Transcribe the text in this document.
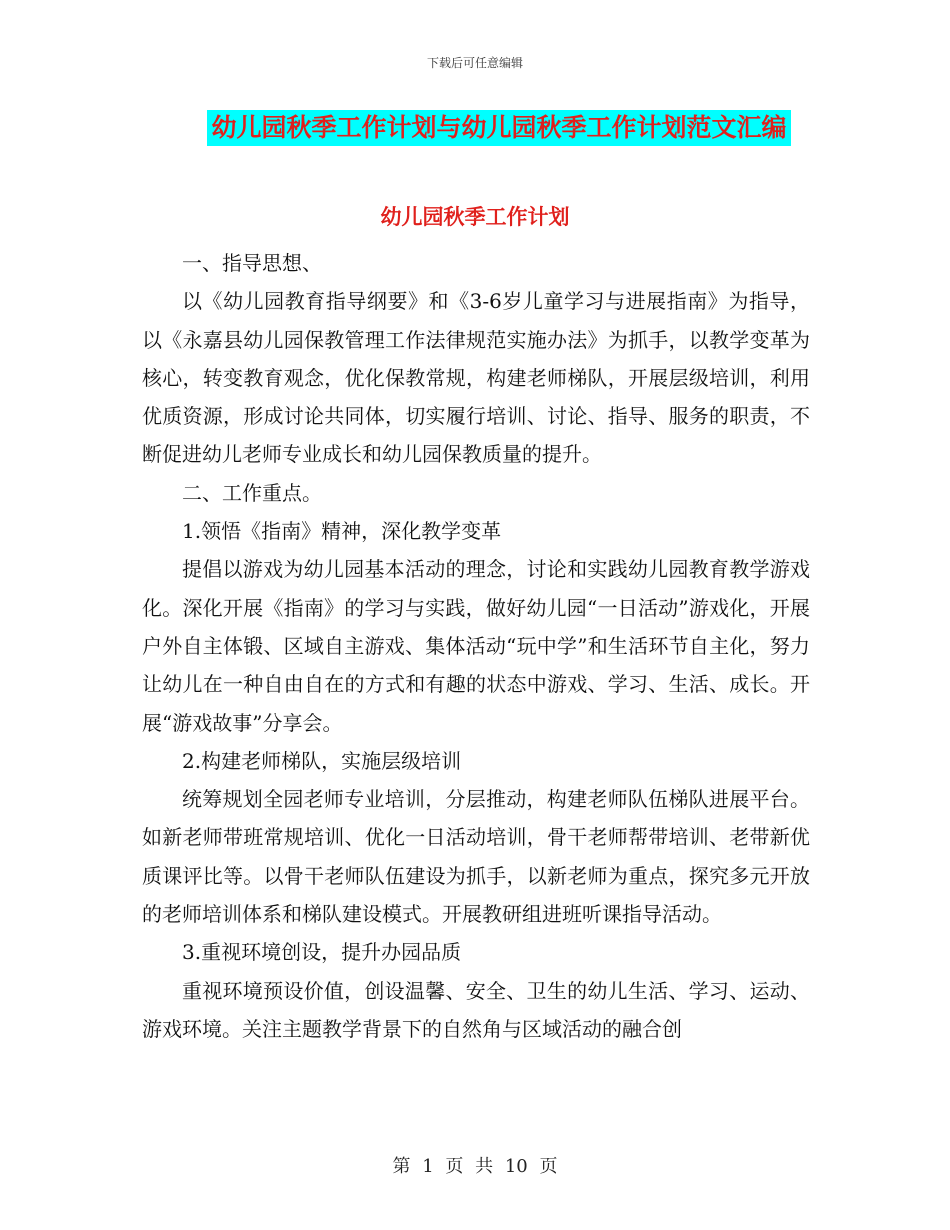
下载后可任意编辑
幼儿园秋季工作计划与幼儿园秋季工作计划范文汇编
幼儿园秋季工作计划

一、指导思想、

以《幼儿园教育指导纲要》和《3-6岁儿童学习与进展指南》为指导，以《永嘉县幼儿园保教管理工作法律规范实施办法》为抓手，以教学变革为核心，转变教育观念，优化保教常规，构建老师梯队，开展层级培训，利用优质资源，形成讨论共同体，切实履行培训、讨论、指导、服务的职责，不断促进幼儿老师专业成长和幼儿园保教质量的提升。

二、工作重点。

1.领悟《指南》精神，深化教学变革

提倡以游戏为幼儿园基本活动的理念，讨论和实践幼儿园教育教学游戏化。深化开展《指南》的学习与实践，做好幼儿园“一日活动”游戏化，开展户外自主体锻、区域自主游戏、集体活动“玩中学”和生活环节自主化，努力让幼儿在一种自由自在的方式和有趣的状态中游戏、学习、生活、成长。开展“游戏故事”分享会。

2.构建老师梯队，实施层级培训

统筹规划全园老师专业培训，分层推动，构建老师队伍梯队进展平台。如新老师带班常规培训、优化一日活动培训，骨干老师帮带培训、老带新优质课评比等。以骨干老师队伍建设为抓手，以新老师为重点，探究多元开放的老师培训体系和梯队建设模式。开展教研组进班听课指导活动。

3.重视环境创设，提升办园品质

重视环境预设价值，创设温馨、安全、卫生的幼儿生活、学习、运动、游戏环境。关注主题教学背景下的自然角与区域活动的融合创

第 1 页 共 10 页
